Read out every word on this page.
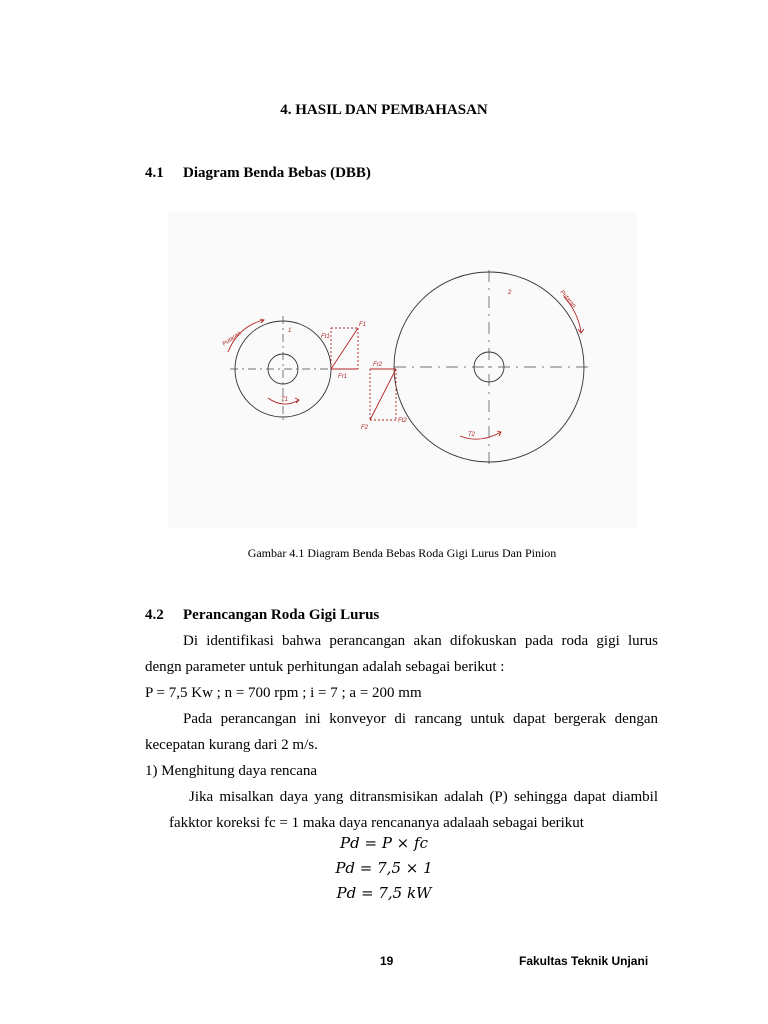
4. HASIL DAN PEMBAHASAN
4.1 Diagram Benda Bebas (DBB)
Putaran
Putaran
1
2
Ft1
F1
Fr1
Fr2
Ft2
F2
T1
T2
Gambar 4.1 Diagram Benda Bebas Roda Gigi Lurus Dan Pinion
4.2 Perancangan Roda Gigi Lurus
Di identifikasi bahwa perancangan akan difokuskan pada roda gigi lurus
dengn parameter untuk perhitungan adalah sebagai berikut :
P = 7,5 Kw ; n = 700 rpm ; i = 7 ; a = 200 mm
Pada perancangan ini konveyor di rancang untuk dapat bergerak dengan
kecepatan kurang dari 2 m/s.
1) Menghitung daya rencana
Jika misalkan daya yang ditransmisikan adalah (P) sehingga dapat diambil
fakktor koreksi fc = 1 maka daya rencananya adalaah sebagai berikut
Pd = P × fc
Pd = 7,5 × 1
Pd = 7,5 kW
19	Fakultas Teknik Unjani
